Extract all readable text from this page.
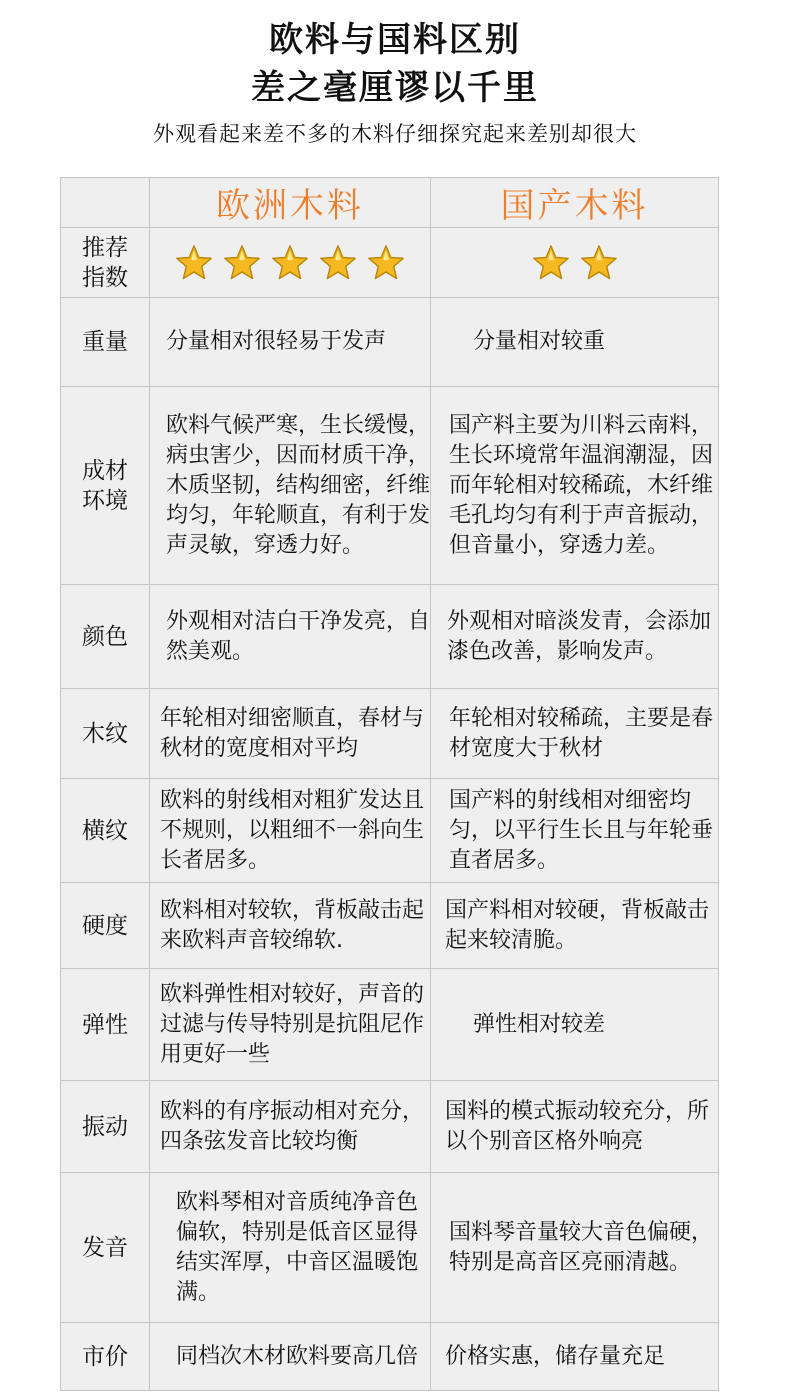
欧料与国料区别
差之毫厘谬以千里
外观看起来差不多的木料仔细探究起来差别却很大
	欧洲木料	国产木料

推荐
指数

重量	分量相对很轻易于发声	分量相对较重

成材
环境	欧料气候严寒，生长缓慢，病虫害少，因而材质干净，木质坚韧，结构细密，纤维均匀，年轮顺直，有利于发声灵敏，穿透力好。	国产料主要为川料云南料，生长环境常年温润潮湿，因而年轮相对较稀疏，木纤维毛孔均匀有利于声音振动，但音量小，穿透力差。
颜色	外观相对洁白干净发亮，自然美观。	外观相对暗淡发青，会添加漆色改善，影响发声。
木纹	年轮相对细密顺直，春材与秋材的宽度相对平均	年轮相对较稀疏，主要是春材宽度大于秋材
横纹	欧料的射线相对粗犷发达且不规则，以粗细不一斜向生长者居多。	国产料的射线相对细密均匀，以平行生长且与年轮垂直者居多。
硬度	欧料相对较软，背板敲击起来欧料声音较绵软.	国产料相对较硬，背板敲击起来较清脆。
弹性	欧料弹性相对较好，声音的过滤与传导特别是抗阻尼作用更好一些	弹性相对较差
振动	欧料的有序振动相对充分，四条弦发音比较均衡	国料的模式振动较充分，所以个别音区格外响亮
发音	欧料琴相对音质纯净音色偏软，特别是低音区显得结实浑厚，中音区温暖饱满。	国料琴音量较大音色偏硬，特别是高音区亮丽清越。
市价	同档次木材欧料要高几倍	价格实惠，储存量充足
